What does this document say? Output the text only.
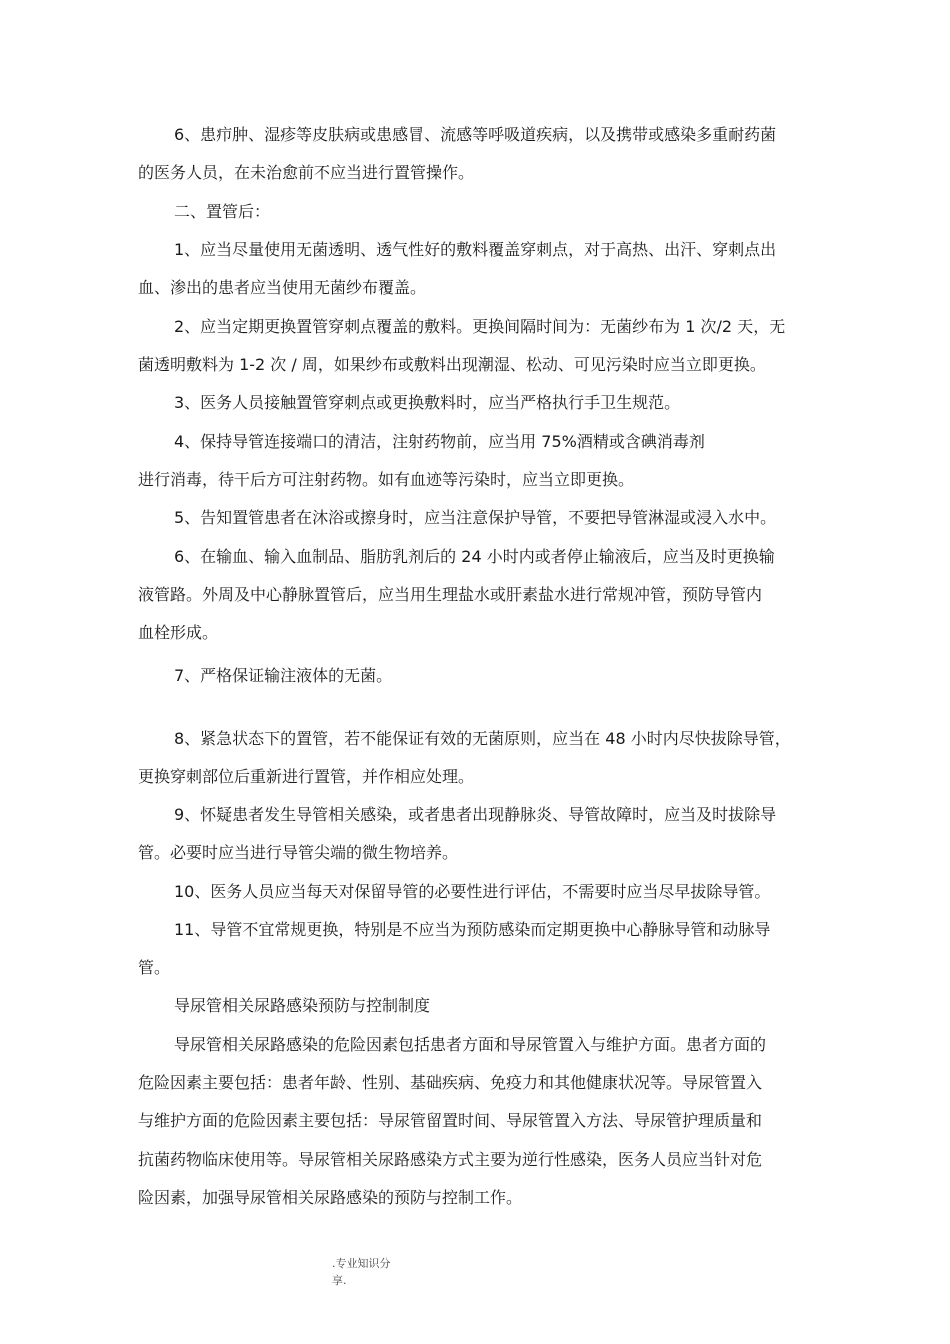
6、患疖肿、湿疹等皮肤病或患感冒、流感等呼吸道疾病，以及携带或感染多重耐药菌
的医务人员，在未治愈前不应当进行置管操作。
二、置管后：
1、应当尽量使用无菌透明、透气性好的敷料覆盖穿刺点，对于高热、出汗、穿刺点出
血、渗出的患者应当使用无菌纱布覆盖。
2、应当定期更换置管穿刺点覆盖的敷料。更换间隔时间为：无菌纱布为 1 次/2 天，无
菌透明敷料为 1-2 次 / 周，如果纱布或敷料出现潮湿、松动、可见污染时应当立即更换。
3、医务人员接触置管穿刺点或更换敷料时，应当严格执行手卫生规范。
4、保持导管连接端口的清洁，注射药物前，应当用 75%酒精或含碘消毒剂
进行消毒，待干后方可注射药物。如有血迹等污染时，应当立即更换。
5、告知置管患者在沐浴或擦身时，应当注意保护导管，不要把导管淋湿或浸入水中。
6、在输血、输入血制品、脂肪乳剂后的 24 小时内或者停止输液后，应当及时更换输
液管路。外周及中心静脉置管后，应当用生理盐水或肝素盐水进行常规冲管，预防导管内
血栓形成。
7、严格保证输注液体的无菌。
8、紧急状态下的置管，若不能保证有效的无菌原则，应当在 48 小时内尽快拔除导管，
更换穿刺部位后重新进行置管，并作相应处理。
9、怀疑患者发生导管相关感染，或者患者出现静脉炎、导管故障时，应当及时拔除导
管。必要时应当进行导管尖端的微生物培养。
10、医务人员应当每天对保留导管的必要性进行评估，不需要时应当尽早拔除导管。
11、导管不宜常规更换，特别是不应当为预防感染而定期更换中心静脉导管和动脉导
管。
导尿管相关尿路感染预防与控制制度
导尿管相关尿路感染的危险因素包括患者方面和导尿管置入与维护方面。患者方面的
危险因素主要包括：患者年龄、性别、基础疾病、免疫力和其他健康状况等。导尿管置入
与维护方面的危险因素主要包括：导尿管留置时间、导尿管置入方法、导尿管护理质量和
抗菌药物临床使用等。导尿管相关尿路感染方式主要为逆行性感染，医务人员应当针对危
险因素，加强导尿管相关尿路感染的预防与控制工作。
.专业知识分
享.
